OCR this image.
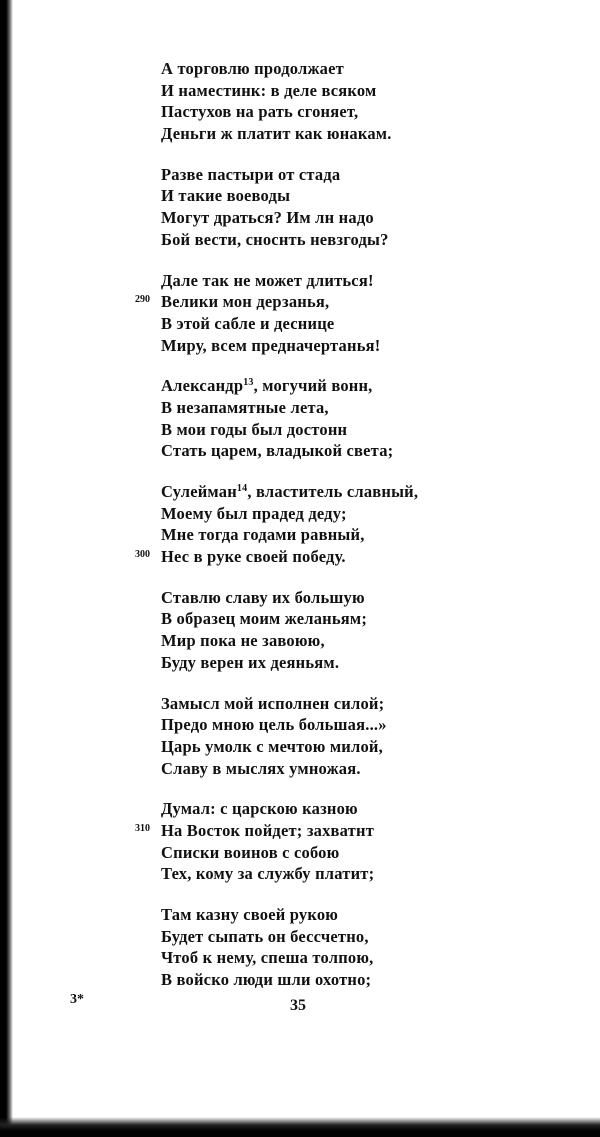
А торговлю продолжает
И наместинк: в деле всяком
Пастухов на рать сгоняет,
Деньги ж платит как юнакам.
Разве пастыри от стада
И такие воеводы
Могут драться? Им лн надо
Бой вести, сноснть невзгоды?
Дале так не может длиться!
290 Велики мон дерзанья,
В этой сабле и деснице
Миру, всем предначертанья!
Александр$^{13}$, могучий вонн,
В незапамятные лета,
В мои годы был достонн
Стать царем, владыкой света;
Сулейман$^{14}$, властитель славный,
Моему был прадед деду;
Мне тогда годами равный,
300 Нес в руке своей победу.
Ставлю славу их большую
В образец моим желаньям;
Мир пока не завоюю,
Буду верен их деяньям.
Замысл мой исполнен силой;
Предо мною цель большая...»
Царь умолк с мечтою милой,
Славу в мыслях умножая.
Думал: с царскою казною
310 На Восток пойдет; захватнт
Списки воинов с собою
Тех, кому за службу платит;
Там казну своей рукою
Будет сыпать он бессчетно,
Чтоб к нему, спеша толпою,
В войско люди шли охотно;
3*	35
